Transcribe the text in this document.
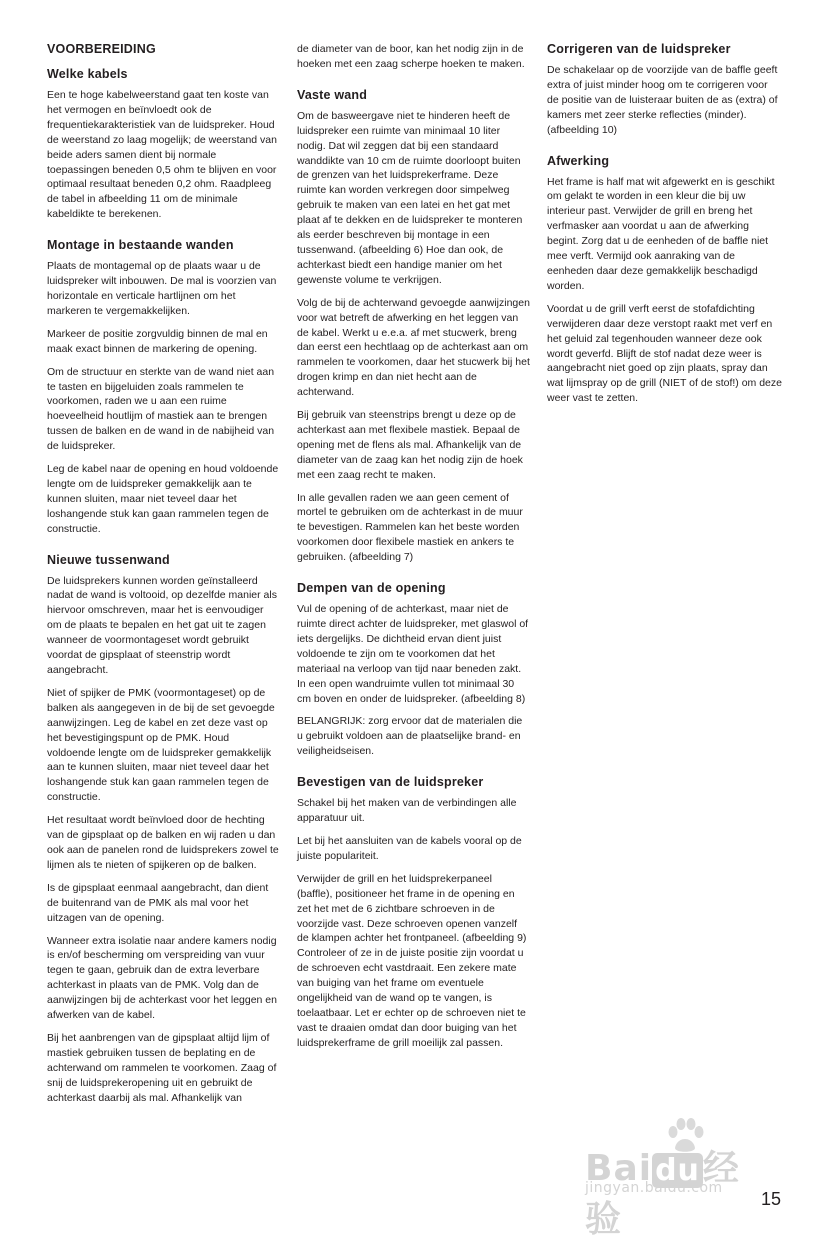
VOORBEREIDING
Welke kabels

Een te hoge kabelweerstand gaat ten koste van het vermogen en beïnvloedt ook de frequentiekarakteristiek van de luidspreker. Houd de weerstand zo laag mogelijk; de weerstand van beide aders samen dient bij normale toepassingen beneden 0,5 ohm te blijven en voor optimaal resultaat beneden 0,2 ohm. Raadpleeg de tabel in afbeelding 11 om de minimale kabeldikte te berekenen.

Montage in bestaande wanden

Plaats de montagemal op de plaats waar u de luidspreker wilt inbouwen. De mal is voorzien van horizontale en verticale hartlijnen om het markeren te vergemakkelijken.

Markeer de positie zorgvuldig binnen de mal en maak exact binnen de markering de opening.

Om de structuur en sterkte van de wand niet aan te tasten en bijgeluiden zoals rammelen te voorkomen, raden we u aan een ruime hoeveelheid houtlijm of mastiek aan te brengen tussen de balken en de wand in de nabijheid van de luidspreker.

Leg de kabel naar de opening en houd voldoende lengte om de luidspreker gemakkelijk aan te kunnen sluiten, maar niet teveel daar het loshangende stuk kan gaan rammelen tegen de constructie.

Nieuwe tussenwand

De luidsprekers kunnen worden geïnstalleerd nadat de wand is voltooid, op dezelfde manier als hiervoor omschreven, maar het is eenvoudiger om de plaats te bepalen en het gat uit te zagen wanneer de voormontageset wordt gebruikt voordat de gipsplaat of steenstrip wordt aangebracht.

Niet of spijker de PMK (voormontageset) op de balken als aangegeven in de bij de set gevoegde aanwijzingen. Leg de kabel en zet deze vast op het bevestigingspunt op de PMK. Houd voldoende lengte om de luidspreker gemakkelijk aan te kunnen sluiten, maar niet teveel daar het loshangende stuk kan gaan rammelen tegen de constructie.

Het resultaat wordt beïnvloed door de hechting van de gipsplaat op de balken en wij raden u dan ook aan de panelen rond de luidsprekers zowel te lijmen als te nieten of spijkeren op de balken.

Is de gipsplaat eenmaal aangebracht, dan dient de buitenrand van de PMK als mal voor het uitzagen van de opening.

Wanneer extra isolatie naar andere kamers nodig is en/of bescherming om verspreiding van vuur tegen te gaan, gebruik dan de extra leverbare achterkast in plaats van de PMK. Volg dan de aanwijzingen bij de achterkast voor het leggen en afwerken van de kabel.

Bij het aanbrengen van de gipsplaat altijd lijm of mastiek gebruiken tussen de beplating en de achterwand om rammelen te voorkomen. Zaag of snij de luidsprekeropening uit en gebruikt de achterkast daarbij als mal. Afhankelijk van

de diameter van de boor, kan het nodig zijn in de hoeken met een zaag scherpe hoeken te maken.

Vaste wand

Om de basweergave niet te hinderen heeft de luidspreker een ruimte van minimaal 10 liter nodig. Dat wil zeggen dat bij een standaard wanddikte van 10 cm de ruimte doorloopt buiten de grenzen van het luidsprekerframe. Deze ruimte kan worden verkregen door simpelweg gebruik te maken van een latei en het gat met plaat af te dekken en de luidspreker te monteren als eerder beschreven bij montage in een tussenwand. (afbeelding 6) Hoe dan ook, de achterkast biedt een handige manier om het gewenste volume te verkrijgen.

Volg de bij de achterwand gevoegde aanwijzingen voor wat betreft de afwerking en het leggen van de kabel. Werkt u e.e.a. af met stucwerk, breng dan eerst een hechtlaag op de achterkast aan om rammelen te voorkomen, daar het stucwerk bij het drogen krimp en dan niet hecht aan de achterwand.

Bij gebruik van steenstrips brengt u deze op de achterkast aan met flexibele mastiek. Bepaal de opening met de flens als mal. Afhankelijk van de diameter van de zaag kan het nodig zijn de hoek met een zaag recht te maken.

In alle gevallen raden we aan geen cement of mortel te gebruiken om de achterkast in de muur te bevestigen. Rammelen kan het beste worden voorkomen door flexibele mastiek en ankers te gebruiken. (afbeelding 7)

Dempen van de opening

Vul de opening of de achterkast, maar niet de ruimte direct achter de luidspreker, met glaswol of iets dergelijks. De dichtheid ervan dient juist voldoende te zijn om te voorkomen dat het materiaal na verloop van tijd naar beneden zakt. In een open wandruimte vullen tot minimaal 30 cm boven en onder de luidspreker. (afbeelding 8)

BELANGRIJK: zorg ervoor dat de materialen die u gebruikt voldoen aan de plaatselijke brand- en veiligheidseisen.

Bevestigen van de luidspreker

Schakel bij het maken van de verbindingen alle apparatuur uit.

Let bij het aansluiten van de kabels vooral op de juiste populariteit.

Verwijder de grill en het luidsprekerpaneel (baffle), positioneer het frame in de opening en zet het met de 6 zichtbare schroeven in de voorzijde vast. Deze schroeven openen vanzelf de klampen achter het frontpaneel. (afbeelding 9) Controleer of ze in de juiste positie zijn voordat u de schroeven echt vastdraait. Een zekere mate van buiging van het frame om eventuele ongelijkheid van de wand op te vangen, is toelaatbaar. Let er echter op de schroeven niet te vast te draaien omdat dan door buiging van het luidsprekerframe de grill moeilijk zal passen.

Corrigeren van de luidspreker

De schakelaar op de voorzijde van de baffle geeft extra of juist minder hoog om te corrigeren voor de positie van de luisteraar buiten de as (extra) of kamers met zeer sterke reflecties (minder). (afbeelding 10)

Afwerking

Het frame is half mat wit afgewerkt en is geschikt om gelakt te worden in een kleur die bij uw interieur past. Verwijder de grill en breng het verfmasker aan voordat u aan de afwerking begint. Zorg dat u de eenheden of de baffle niet mee verft. Vermijd ook aanraking van de eenheden daar deze gemakkelijk beschadigd worden.

Voordat u de grill verft eerst de stofafdichting verwijderen daar deze verstopt raakt met verf en het geluid zal tegenhouden wanneer deze ook wordt geverfd. Blijft de stof nadat deze weer is aangebracht niet goed op zijn plaats, spray dan wat lijmspray op de grill (NIET of de stof!) om deze weer vast te zetten.

Bai du经验
jingyan.baidu.com
15
